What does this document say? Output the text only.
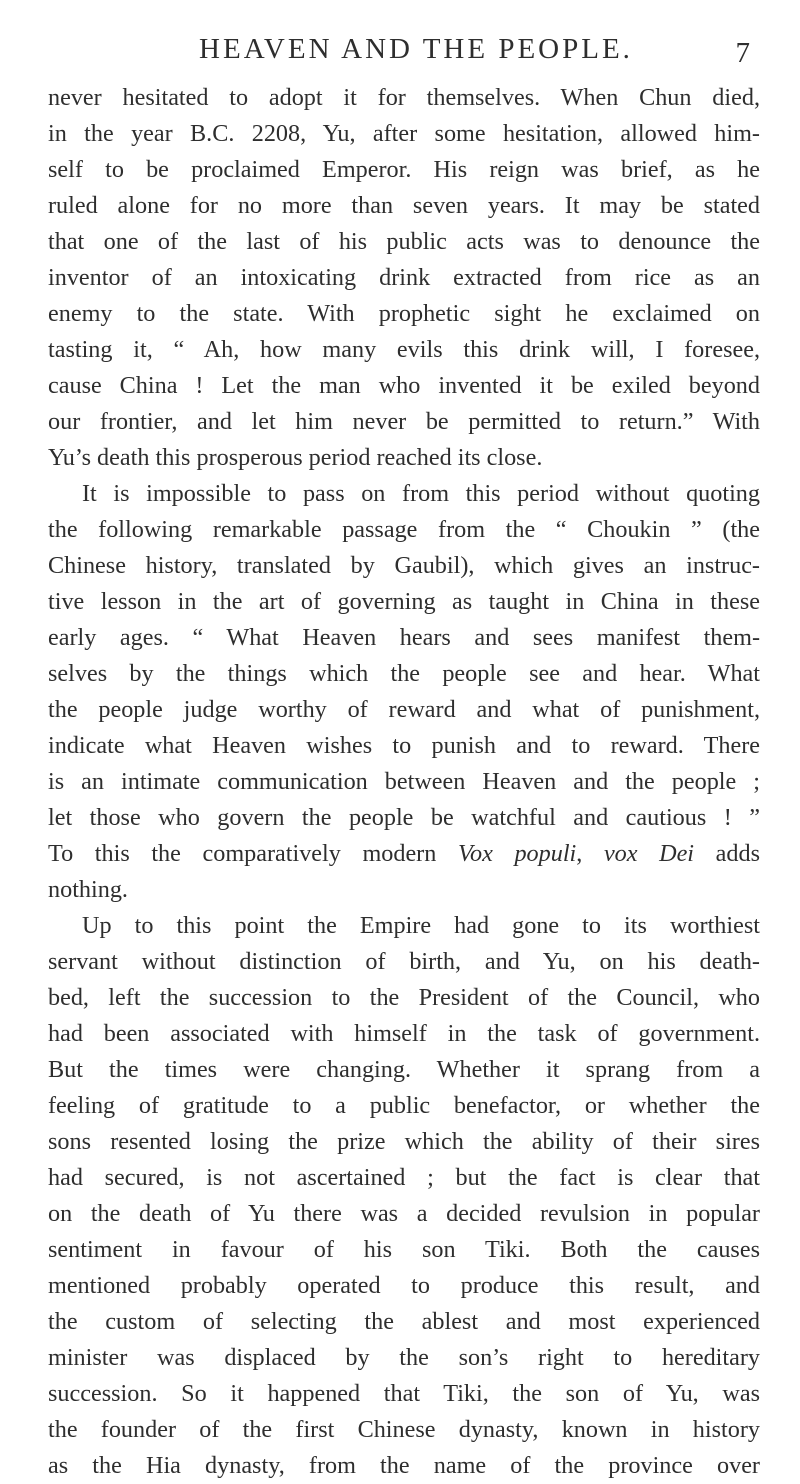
HEAVEN AND THE PEOPLE.	7
never hesitated to adopt it for themselves. When Chun died,
in the year B.C. 2208, Yu, after some hesitation, allowed him-
self to be proclaimed Emperor. His reign was brief, as he
ruled alone for no more than seven years. It may be stated
that one of the last of his public acts was to denounce the
inventor of an intoxicating drink extracted from rice as an
enemy to the state. With prophetic sight he exclaimed on
tasting it, “ Ah, how many evils this drink will, I foresee,
cause China ! Let the man who invented it be exiled beyond
our frontier, and let him never be permitted to return.” With
Yu’s death this prosperous period reached its close.
It is impossible to pass on from this period without quoting
the following remarkable passage from the “ Choukin ” (the
Chinese history, translated by Gaubil), which gives an instruc-
tive lesson in the art of governing as taught in China in these
early ages. “ What Heaven hears and sees manifest them-
selves by the things which the people see and hear. What
the people judge worthy of reward and what of punishment,
indicate what Heaven wishes to punish and to reward. There
is an intimate communication between Heaven and the people ;
let those who govern the people be watchful and cautious ! ”
To this the comparatively modern Vox populi, vox Dei adds
nothing.
Up to this point the Empire had gone to its worthiest
servant without distinction of birth, and Yu, on his death-
bed, left the succession to the President of the Council, who
had been associated with himself in the task of government.
But the times were changing. Whether it sprang from a
feeling of gratitude to a public benefactor, or whether the
sons resented losing the prize which the ability of their sires
had secured, is not ascertained ; but the fact is clear that
on the death of Yu there was a decided revulsion in popular
sentiment in favour of his son Tiki. Both the causes
mentioned probably operated to produce this result, and
the custom of selecting the ablest and most experienced
minister was displaced by the son’s right to hereditary
succession. So it happened that Tiki, the son of Yu, was
the founder of the first Chinese dynasty, known in history
as the Hia dynasty, from the name of the province over
